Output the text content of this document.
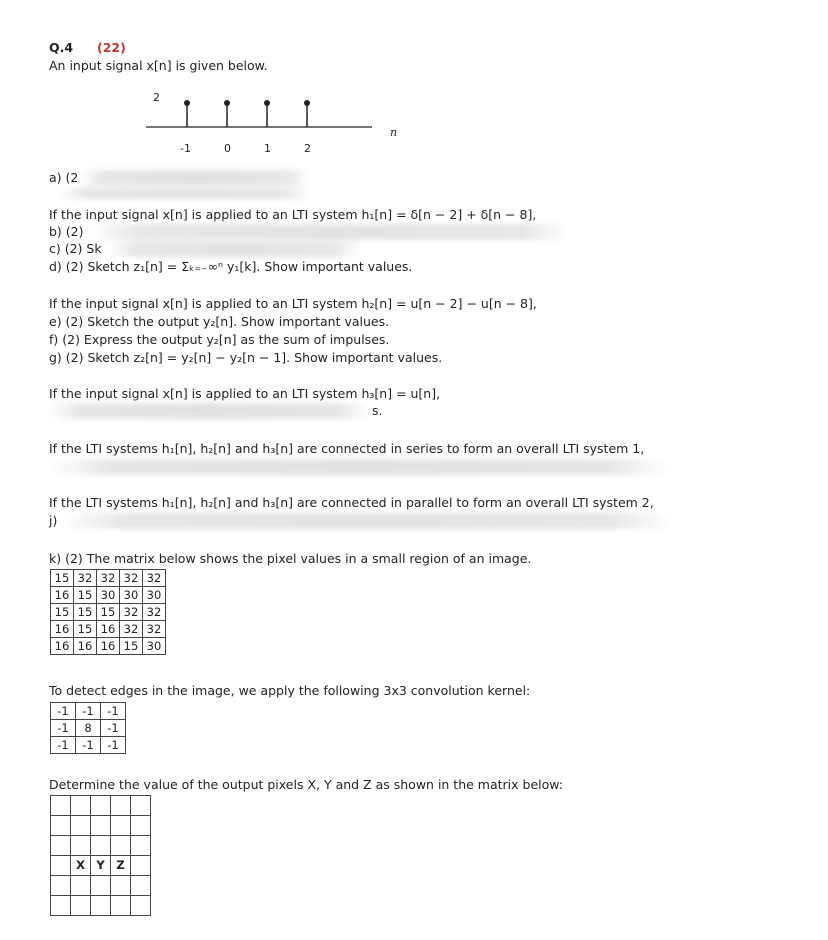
Q.4 (22)
An input signal x[n] is given below.
2
n
-1	0	1	2
a) (2
If the input signal x[n] is applied to an LTI system h₁[n] = δ[n − 2] + δ[n − 8],
b) (2)
c) (2) Sk
d) (2) Sketch z₁[n] = Σₖ₌₋∞ⁿ y₁[k]. Show important values.
If the input signal x[n] is applied to an LTI system h₂[n] = u[n − 2] − u[n − 8],
e) (2) Sketch the output y₂[n]. Show important values.
f) (2) Express the output y₂[n] as the sum of impulses.
g) (2) Sketch z₂[n] = y₂[n] − y₂[n − 1]. Show important values.
If the input signal x[n] is applied to an LTI system h₃[n] = u[n],
s.
If the LTI systems h₁[n], h₂[n] and h₃[n] are connected in series to form an overall LTI system 1,
If the LTI systems h₁[n], h₂[n] and h₃[n] are connected in parallel to form an overall LTI system 2,
j)
k) (2) The matrix below shows the pixel values in a small region of an image.
15	32	32	32	32
16	15	30	30	30
15	15	15	32	32
16	15	16	32	32
16	16	16	15	30
To detect edges in the image, we apply the following 3x3 convolution kernel:
-1	-1	-1
-1	8	-1
-1	-1	-1
Determine the value of the output pixels X, Y and Z as shown in the matrix below:

	X	Y	Z	
